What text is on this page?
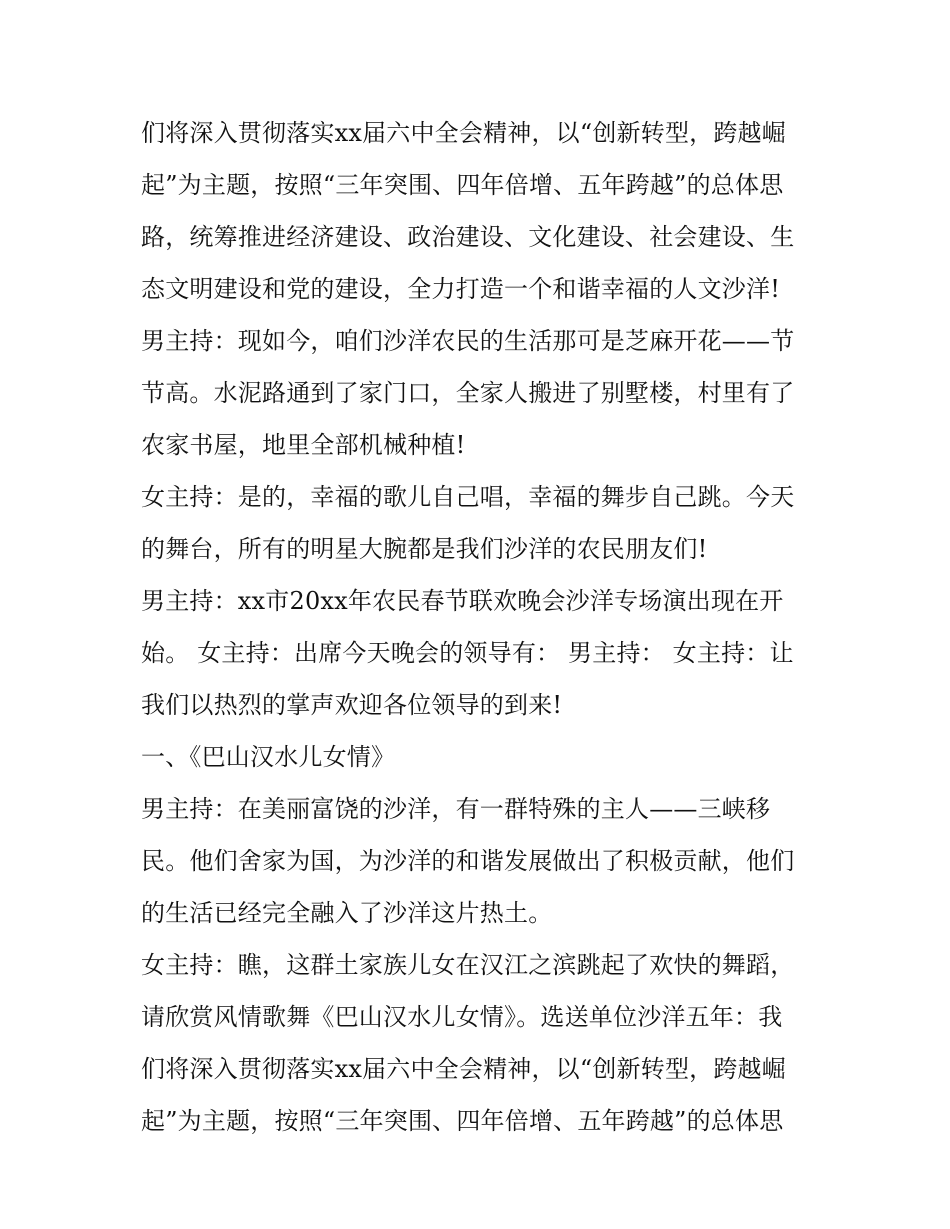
们将深入贯彻落实xx届六中全会精神，以“创新转型，跨越崛
起”为主题，按照“三年突围、四年倍增、五年跨越”的总体思
路，统筹推进经济建设、政治建设、文化建设、社会建设、生
态文明建设和党的建设，全力打造一个和谐幸福的人文沙洋!
男主持：现如今，咱们沙洋农民的生活那可是芝麻开花——节
节高。水泥路通到了家门口，全家人搬进了别墅楼，村里有了
农家书屋，地里全部机械种植!
女主持：是的，幸福的歌儿自己唱，幸福的舞步自己跳。今天
的舞台，所有的明星大腕都是我们沙洋的农民朋友们!
男主持：xx市20xx年农民春节联欢晚会沙洋专场演出现在开
始。 女主持：出席今天晚会的领导有： 男主持： 女主持：让
我们以热烈的掌声欢迎各位领导的到来!
一、《巴山汉水儿女情》
男主持：在美丽富饶的沙洋，有一群特殊的主人——三峡移
民。他们舍家为国，为沙洋的和谐发展做出了积极贡献，他们
的生活已经完全融入了沙洋这片热土。
女主持：瞧，这群土家族儿女在汉江之滨跳起了欢快的舞蹈，
请欣赏风情歌舞《巴山汉水儿女情》。选送单位沙洋五年：我
们将深入贯彻落实xx届六中全会精神，以“创新转型，跨越崛
起”为主题，按照“三年突围、四年倍增、五年跨越”的总体思
